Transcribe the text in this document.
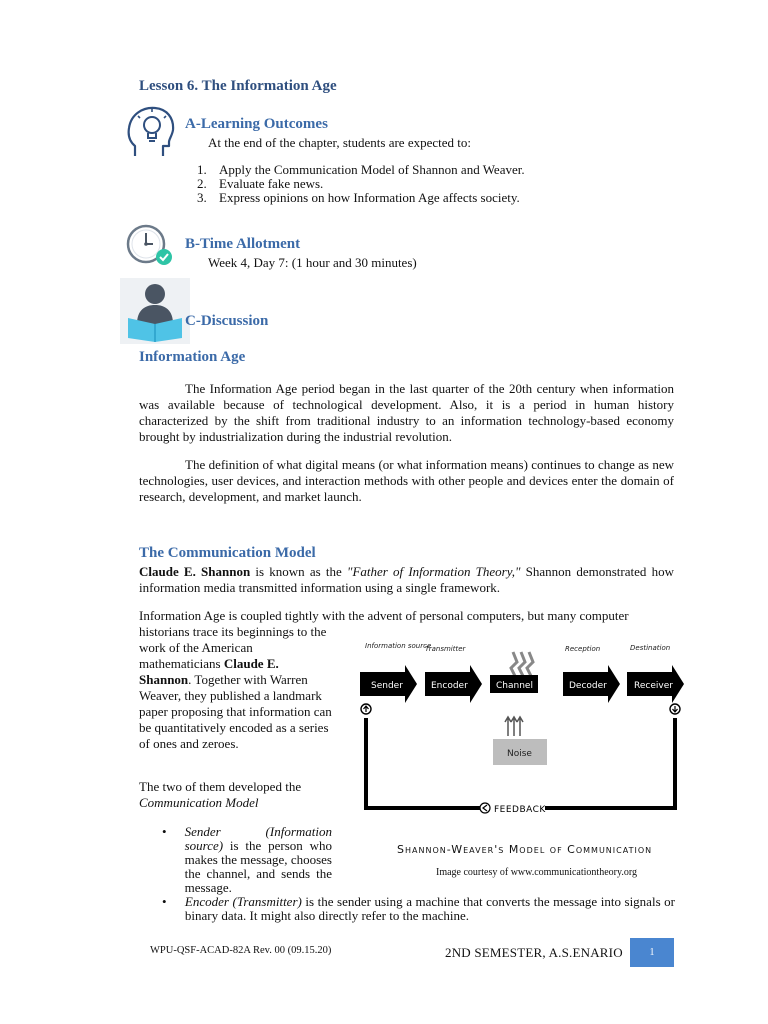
Lesson 6. The Information Age
A-Learning Outcomes
At the end of the chapter, students are expected to:
1. Apply the Communication Model of Shannon and Weaver.
2. Evaluate fake news.
3. Express opinions on how Information Age affects society.
B-Time Allotment
Week 4, Day 7: (1 hour and 30 minutes)
C-Discussion
Information Age
The Information Age period began in the last quarter of the 20th century when information was available because of technological development. Also, it is a period in human history characterized by the shift from traditional industry to an information technology-based economy brought by industrialization during the industrial revolution.
The definition of what digital means (or what information means) continues to change as new technologies, user devices, and interaction methods with other people and devices enter the domain of research, development, and market launch.
The Communication Model
Claude E. Shannon is known as the "Father of Information Theory," Shannon demonstrated how information media transmitted information using a single framework.
Information Age is coupled tightly with the advent of personal computers, but many computer
historians trace its beginnings to the work of the American mathematicians Claude E. Shannon. Together with Warren Weaver, they published a landmark paper proposing that information can be quantitatively encoded as a series of ones and zeroes.
The two of them developed the
Communication Model
•	Sender (Information source) is the person who makes the message, chooses the channel, and sends the message.
•	Encoder (Transmitter) is the sender using a machine that converts the message into signals or binary data. It might also directly refer to the machine.
Information source
Transmitter	Reception	Destination
Sender	Encoder	Channel	Decoder	Receiver
Noise
FEEDBACK
Shannon-Weaver's Model of Communication
Image courtesy of www.communicationtheory.org
WPU-QSF-ACAD-82A Rev. 00 (09.15.20)	2ND SEMESTER, A.S.ENARIO	1
